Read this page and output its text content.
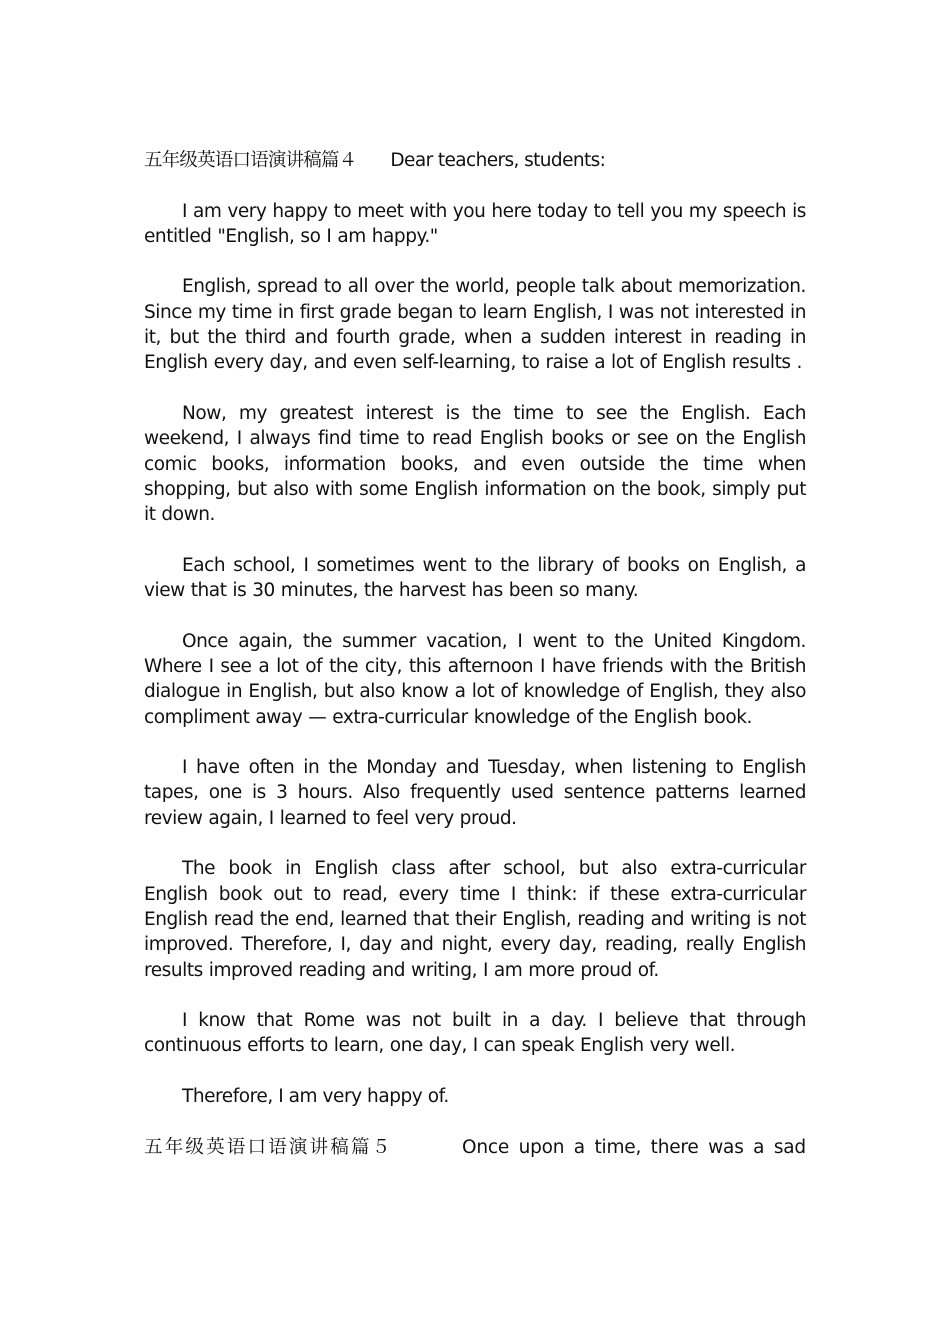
五年级英语口语演讲稿篇４ Dear teachers, students:

I am very happy to meet with you here today to tell you my speech is entitled "English, so I am happy."

English, spread to all over the world, people talk about memorization. Since my time in first grade began to learn English, I was not interested in it, but the third and fourth grade, when a sudden interest in reading in English every day, and even self-learning, to raise a lot of English results .

Now, my greatest interest is the time to see the English. Each weekend, I always find time to read English books or see on the English comic books, information books, and even outside the time when shopping, but also with some English information on the book, simply put it down.

Each school, I sometimes went to the library of books on English, a view that is 30 minutes, the harvest has been so many.

Once again, the summer vacation, I went to the United Kingdom. Where I see a lot of the city, this afternoon I have friends with the British dialogue in English, but also know a lot of knowledge of English, they also compliment away — extra-curricular knowledge of the English book.

I have often in the Monday and Tuesday, when listening to English tapes, one is 3 hours. Also frequently used sentence patterns learned review again, I learned to feel very proud.

The book in English class after school, but also extra-curricular English book out to read, every time I think: if these extra-curricular English read the end, learned that their English, reading and writing is not improved. Therefore, I, day and night, every day, reading, really English results improved reading and writing, I am more proud of.

I know that Rome was not built in a day. I believe that through continuous efforts to learn, one day, I can speak English very well.

Therefore, I am very happy of.

五年级英语口语演讲稿篇５	Once upon a time, there was a sad
